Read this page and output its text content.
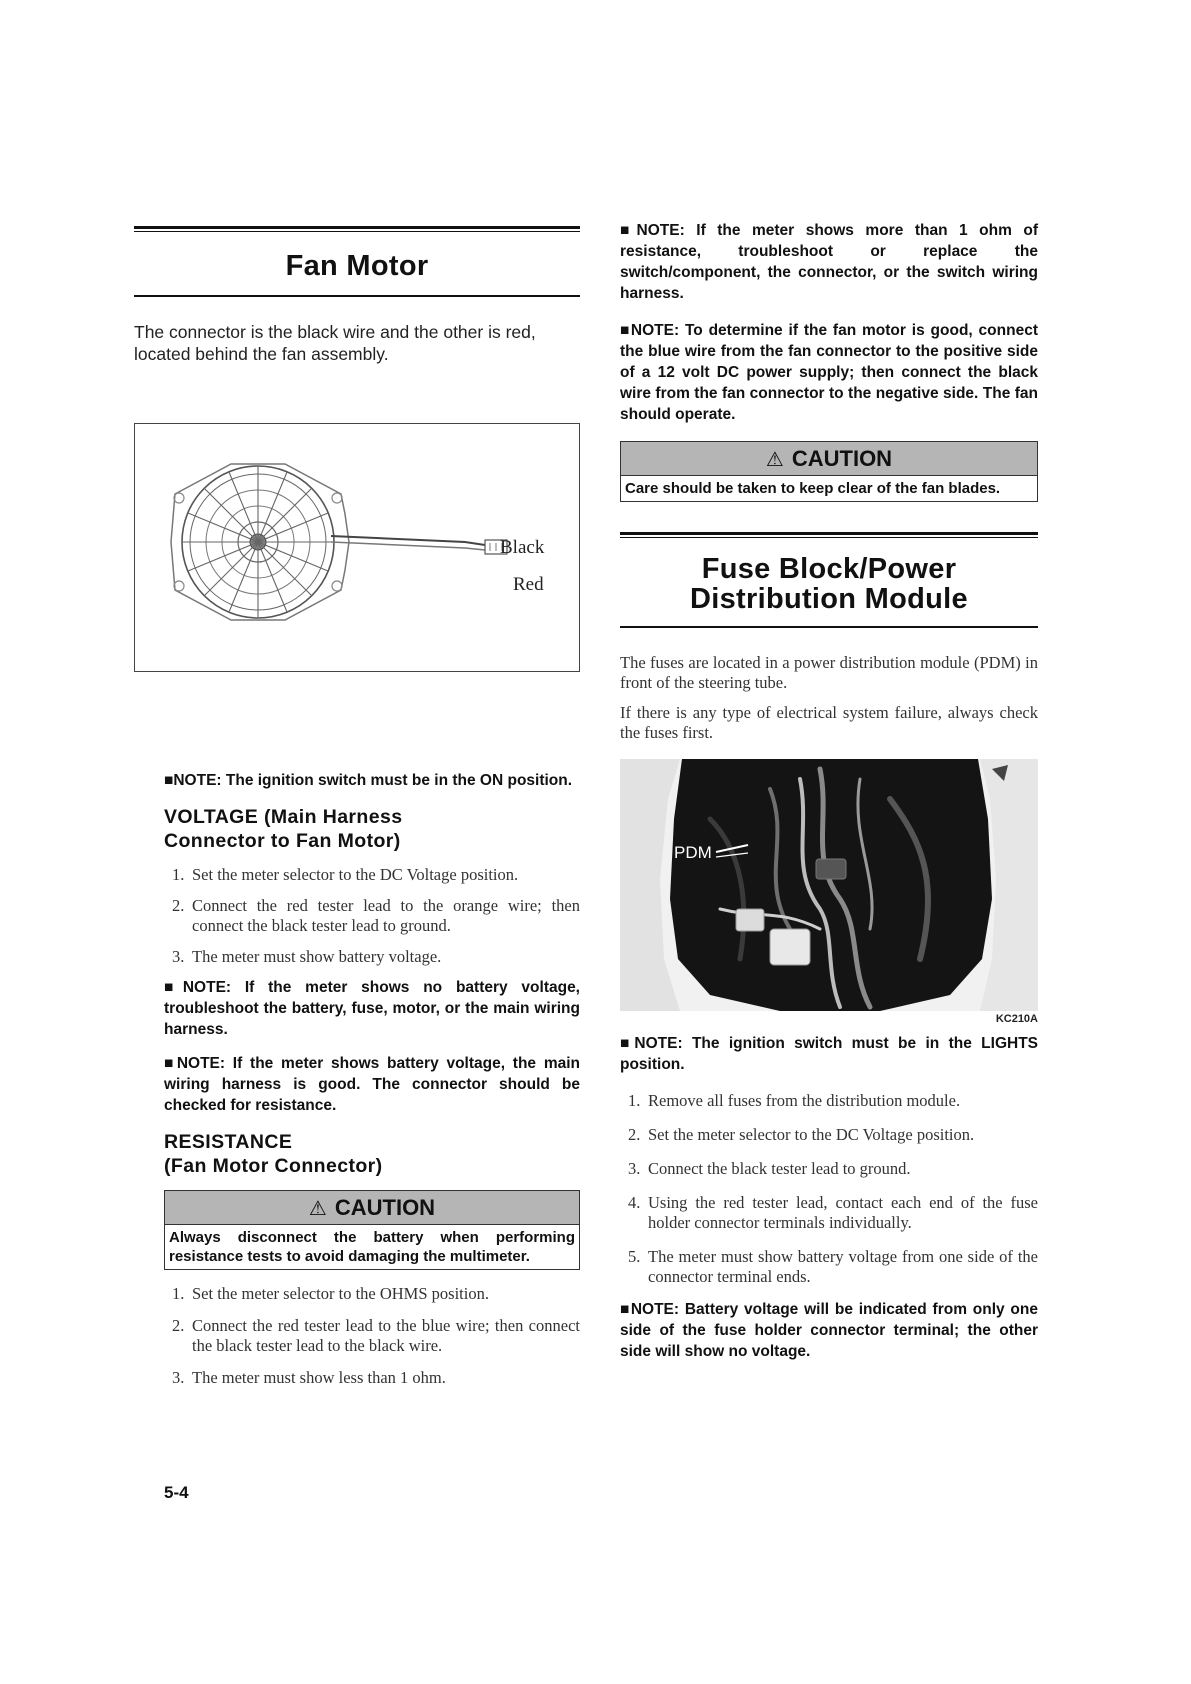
Fan Motor

The connector is the black wire and the other is red, located behind the fan assembly.

Black
Red

■NOTE: The ignition switch must be in the ON position.

VOLTAGE (Main Harness
Connector to Fan Motor)
1. Set the meter selector to the DC Voltage position.
2. Connect the red tester lead to the orange wire; then connect the black tester lead to ground.
3. The meter must show battery voltage.

■NOTE: If the meter shows no battery voltage, troubleshoot the battery, fuse, motor, or the main wiring harness.

■NOTE: If the meter shows battery voltage, the main wiring harness is good. The connector should be checked for resistance.

RESISTANCE
(Fan Motor Connector)
⚠ CAUTION
Always disconnect the battery when performing resistance tests to avoid damaging the multimeter.
1. Set the meter selector to the OHMS position.
2. Connect the red tester lead to the blue wire; then connect the black tester lead to the black wire.
3. The meter must show less than 1 ohm.

■NOTE: If the meter shows more than 1 ohm of resistance, troubleshoot or replace the switch/component, the connector, or the switch wiring harness.

■NOTE: To determine if the fan motor is good, connect the blue wire from the fan connector to the positive side of a 12 volt DC power supply; then connect the black wire from the fan connector to the negative side. The fan should operate.

⚠ CAUTION
Care should be taken to keep clear of the fan blades.
Fuse Block/Power
Distribution Module

The fuses are located in a power distribution module (PDM) in front of the steering tube.

If there is any type of electrical system failure, always check the fuses first.

PDM
KC210A

■NOTE: The ignition switch must be in the LIGHTS position.

1. Remove all fuses from the distribution module.
2. Set the meter selector to the DC Voltage position.
3. Connect the black tester lead to ground.
4. Using the red tester lead, contact each end of the fuse holder connector terminals individually.
5. The meter must show battery voltage from one side of the connector terminal ends.

■NOTE: Battery voltage will be indicated from only one side of the fuse holder connector terminal; the other side will show no voltage.

5-4
